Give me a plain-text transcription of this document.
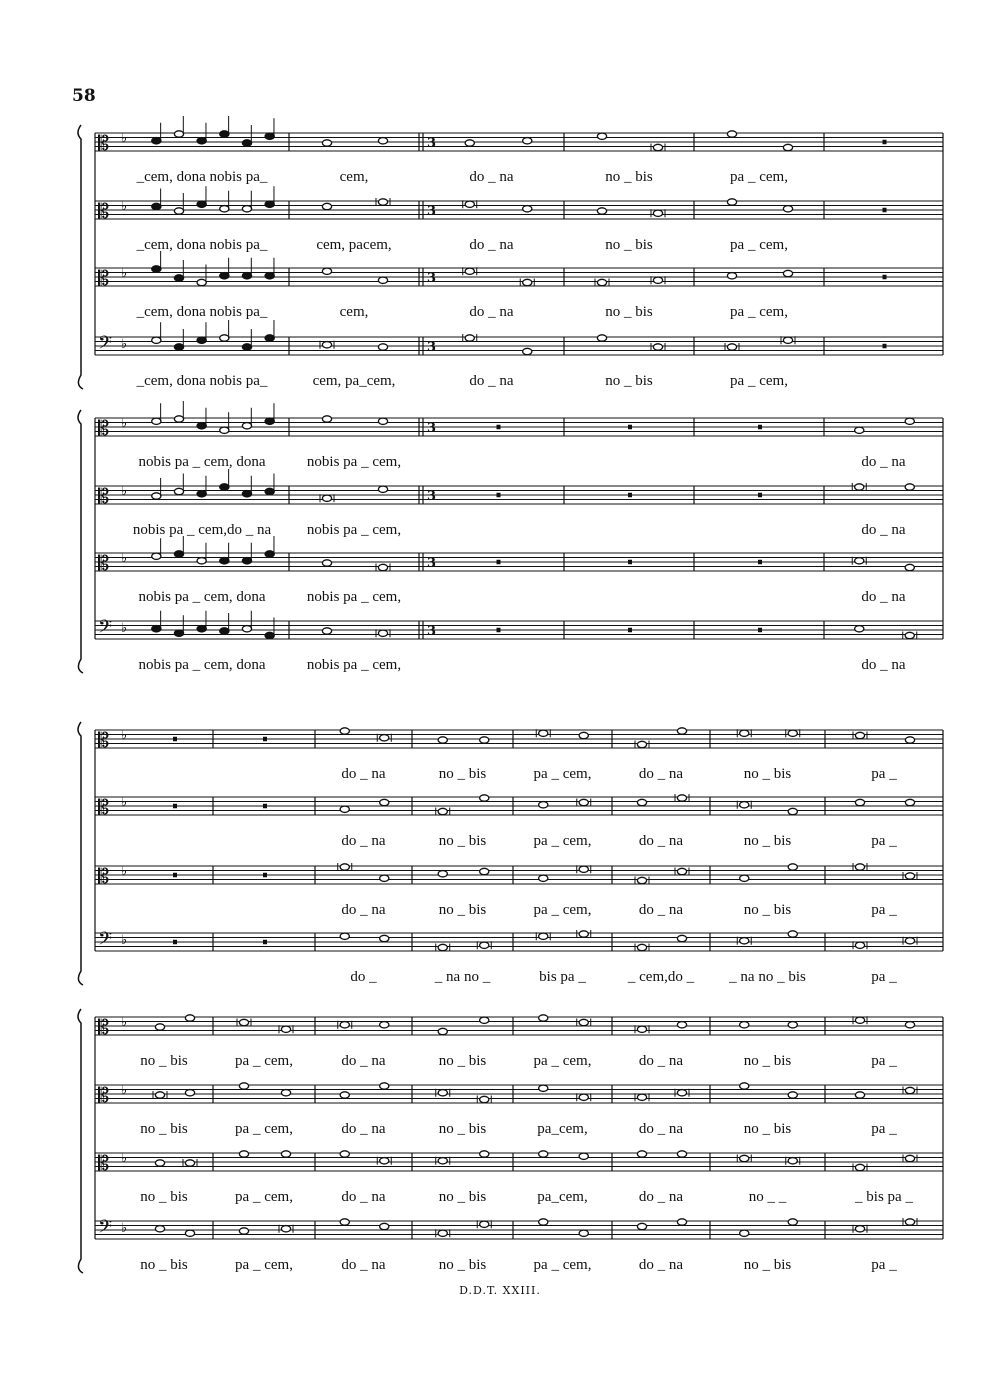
58
𝄡 ♭	3
𝄡 ♭	3
𝄡 ♭	3
𝄢 ♭	3
𝄡 ♭	3
𝄡 ♭	3
𝄡 ♭	3
𝄢 ♭	3
𝄡 ♭
𝄡 ♭
𝄡 ♭
𝄢 ♭
𝄡 ♭
𝄡 ♭
𝄡 ♭
𝄢 ♭
_cem, dona nobis pa_	cem,	do _ na	no _ bis	pa _ cem,
_cem, dona nobis pa_	cem, pacem,	do _ na	no _ bis	pa _ cem,
_cem, dona nobis pa_	cem,	do _ na	no _ bis	pa _ cem,
_cem, dona nobis pa_	cem, pa_cem,	do _ na	no _ bis	pa _ cem,
nobis pa _ cem, dona	nobis pa _ cem,	do _ na
nobis pa _ cem,do _ na	nobis pa _ cem,	do _ na
nobis pa _ cem, dona	nobis pa _ cem,	do _ na
nobis pa _ cem, dona	nobis pa _ cem,	do _ na
do _ na	no _ bis	pa _ cem,	do _ na	no _ bis	pa _
do _ na	no _ bis	pa _ cem,	do _ na	no _ bis	pa _
do _ na	no _ bis	pa _ cem,	do _ na	no _ bis	pa _
do _	_ na no _	bis pa _	_ cem,do _	_ na no _ bis	pa _
no _ bis	pa _ cem,	do _ na	no _ bis	pa _ cem,	do _ na	no _ bis	pa _
no _ bis	pa _ cem,	do _ na	no _ bis	pa_cem,	do _ na	no _ bis	pa _
no _ bis	pa _ cem,	do _ na	no _ bis	pa_cem,	do _ na	no _ _	_ bis pa _
no _ bis	pa _ cem,	do _ na	no _ bis	pa _ cem,	do _ na	no _ bis	pa _
D.D.T. XXIII.
